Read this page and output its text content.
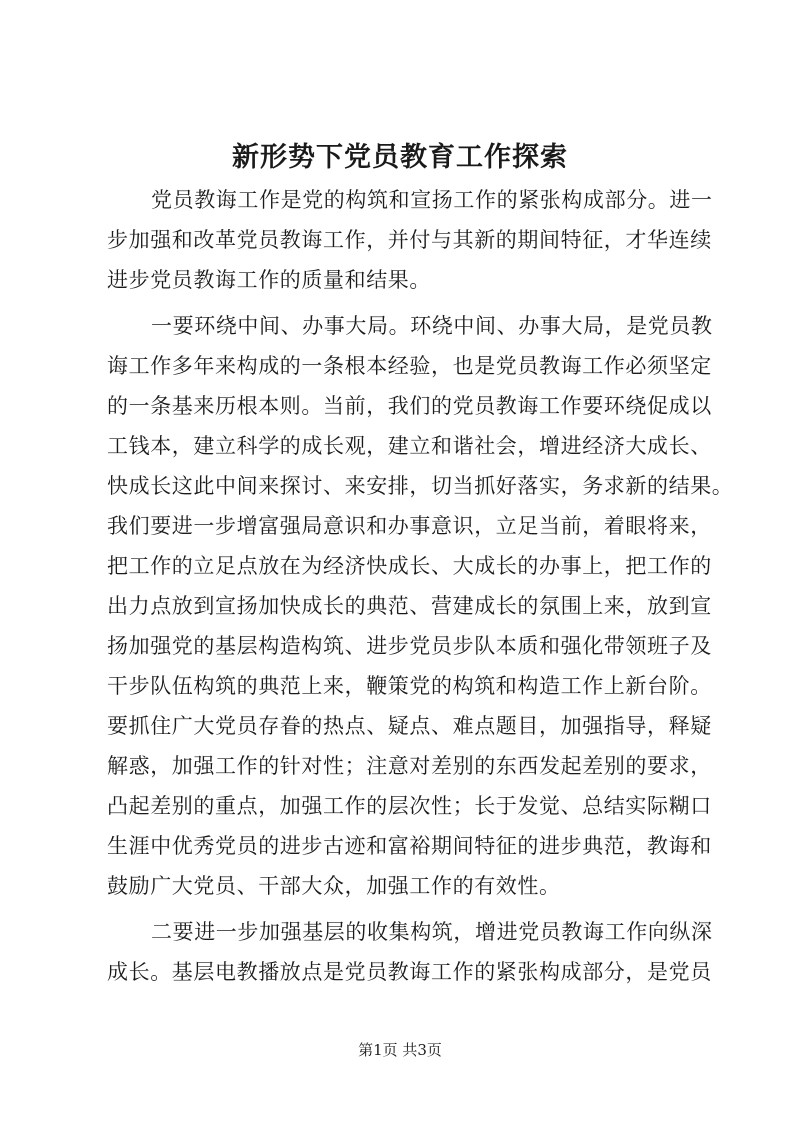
新形势下党员教育工作探索
党员教诲工作是党的构筑和宣扬工作的紧张构成部分。进一
步加强和改革党员教诲工作，并付与其新的期间特征，才华连续
进步党员教诲工作的质量和结果。
一要环绕中间、办事大局。环绕中间、办事大局，是党员教
诲工作多年来构成的一条根本经验，也是党员教诲工作必须坚定
的一条基来历根本则。当前，我们的党员教诲工作要环绕促成以
工钱本，建立科学的成长观，建立和谐社会，增进经济大成长、
快成长这此中间来探讨、来安排，切当抓好落实，务求新的结果。
我们要进一步增富强局意识和办事意识，立足当前，着眼将来，
把工作的立足点放在为经济快成长、大成长的办事上，把工作的
出力点放到宣扬加快成长的典范、营建成长的氛围上来，放到宣
扬加强党的基层构造构筑、进步党员步队本质和强化带领班子及
干步队伍构筑的典范上来，鞭策党的构筑和构造工作上新台阶。
要抓住广大党员存眷的热点、疑点、难点题目，加强指导，释疑
解惑，加强工作的针对性；注意对差别的东西发起差别的要求，
凸起差别的重点，加强工作的层次性；长于发觉、总结实际糊口
生涯中优秀党员的进步古迹和富裕期间特征的进步典范，教诲和
鼓励广大党员、干部大众，加强工作的有效性。
二要进一步加强基层的收集构筑，增进党员教诲工作向纵深
成长。基层电教播放点是党员教诲工作的紧张构成部分，是党员
第1页 共3页
